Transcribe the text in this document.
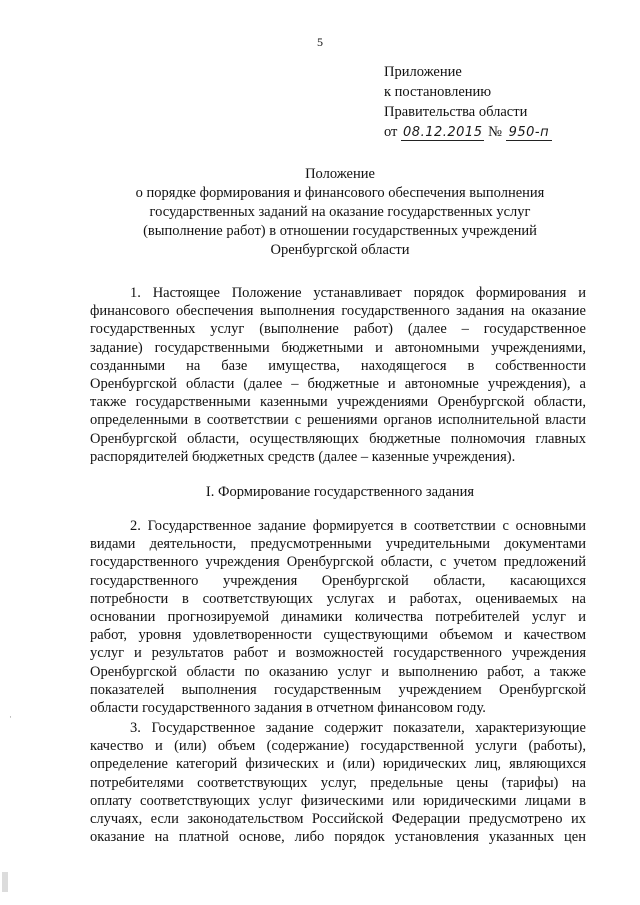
5
Приложение
к постановлению
Правительства области
от 08.12.2015 № 950-п
Положение
о порядке формирования и финансового обеспечения выполнения
государственных заданий на оказание государственных услуг
(выполнение работ) в отношении государственных учреждений
Оренбургской области
1. Настоящее Положение устанавливает порядок формирования и
финансового обеспечения выполнения государственного задания на оказание
государственных услуг (выполнение работ) (далее – государственное
задание) государственными бюджетными и автономными учреждениями,
созданными на базе имущества, находящегося в собственности
Оренбургской области (далее – бюджетные и автономные учреждения), а
также государственными казенными учреждениями Оренбургской области,
определенными в соответствии с решениями органов исполнительной власти
Оренбургской области, осуществляющих бюджетные полномочия главных
распорядителей бюджетных средств (далее – казенные учреждения).
I. Формирование государственного задания
2. Государственное задание формируется в соответствии с основными
видами деятельности, предусмотренными учредительными документами
государственного учреждения Оренбургской области, с учетом предложений
государственного учреждения Оренбургской области, касающихся
потребности в соответствующих услугах и работах, оцениваемых на
основании прогнозируемой динамики количества потребителей услуг и
работ, уровня удовлетворенности существующими объемом и качеством
услуг и результатов работ и возможностей государственного учреждения
Оренбургской области по оказанию услуг и выполнению работ, а также
показателей выполнения государственным учреждением Оренбургской
области государственного задания в отчетном финансовом году.
3. Государственное задание содержит показатели, характеризующие
качество и (или) объем (содержание) государственной услуги (работы),
определение категорий физических и (или) юридических лиц, являющихся
потребителями соответствующих услуг, предельные цены (тарифы) на
оплату соответствующих услуг физическими или юридическими лицами в
случаях, если законодательством Российской Федерации предусмотрено их
оказание на платной основе, либо порядок установления указанных цен
·
